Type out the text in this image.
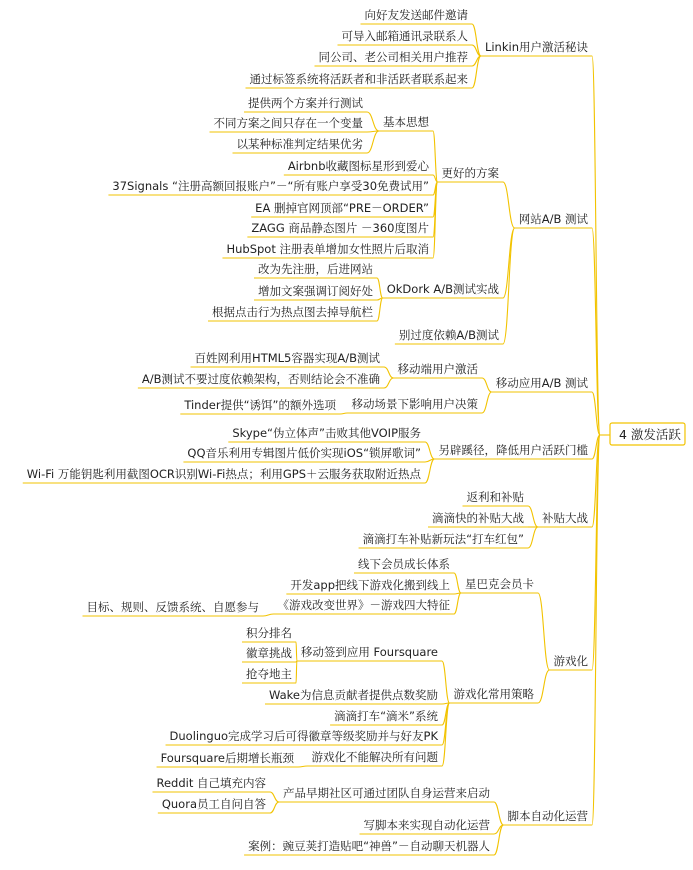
4 激发活跃
Linkin用户激活秘诀
向好友发送邮件邀请
可导入邮箱通讯录联系人
同公司、老公司相关用户推荐
通过标签系统将活跃者和非活跃者联系起来
网站A/B 测试
更好的方案
基本思想
提供两个方案并行测试
不同方案之间只存在一个变量
以某种标准判定结果优劣
Airbnb收藏图标星形到爱心
37Signals “注册高额回报账户”－“所有账户享受30免费试用”
EA 删掉官网顶部“PRE－ORDER”
ZAGG 商品静态图片 －360度图片
HubSpot 注册表单增加女性照片后取消
OkDork A/B测试实战
改为先注册，后进网站
增加文案强调订阅好处
根据点击行为热点图去掉导航栏
别过度依赖A/B测试
移动应用A/B 测试
移动端用户激活
百姓网利用HTML5容器实现A/B测试
A/B测试不要过度依赖架构，否则结论会不准确
移动场景下影响用户决策
Tinder提供“诱饵”的额外选项
另辟蹊径，降低用户活跃门槛
Skype“伪立体声”击败其他VOIP服务
QQ音乐利用专辑图片低价实现iOS“锁屏歌词”
Wi-Fi 万能钥匙利用截图OCR识别Wi-Fi热点；利用GPS＋云服务获取附近热点
补贴大战
返利和补贴
滴滴快的补贴大战
滴滴打车补贴新玩法“打车红包”
游戏化
星巴克会员卡
线下会员成长体系
开发app把线下游戏化搬到线上
《游戏改变世界》－游戏四大特征
目标、规则、反馈系统、自愿参与
游戏化常用策略
移动签到应用 Foursquare
积分排名
徽章挑战
抢夺地主
Wake为信息贡献者提供点数奖励
滴滴打车“滴米”系统
Duolinguo完成学习后可得徽章等级奖励并与好友PK
游戏化不能解决所有问题
Foursquare后期增长瓶颈
脚本自动化运营
产品早期社区可通过团队自身运营来启动
Reddit 自己填充内容
Quora员工自问自答
写脚本来实现自动化运营
案例：豌豆荚打造贴吧“神兽”－自动聊天机器人
